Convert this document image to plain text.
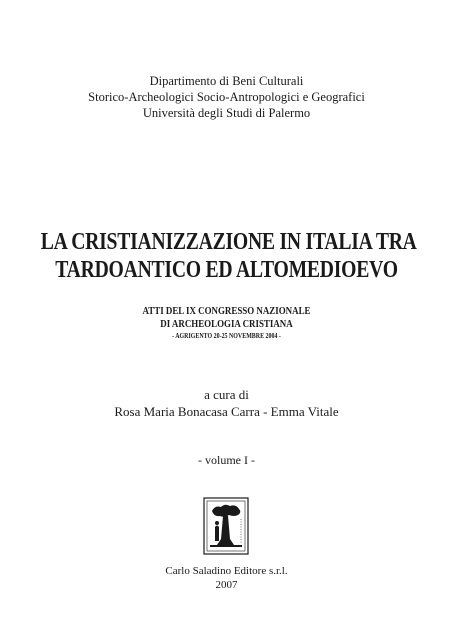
Dipartimento di Beni Culturali
Storico-Archeologici Socio-Antropologici e Geografici
Università degli Studi di Palermo
LA CRISTIANIZZAZIONE IN ITALIA TRA
TARDOANTICO ED ALTOMEDIOEVO
ATTI DEL IX CONGRESSO NAZIONALE
DI ARCHEOLOGIA CRISTIANA
- AGRIGENTO 20-25 NOVEMBRE 2004 -
a cura di
Rosa Maria Bonacasa Carra - Emma Vitale
- volume I -
Carlo Saladino Editore s.r.l.
2007
